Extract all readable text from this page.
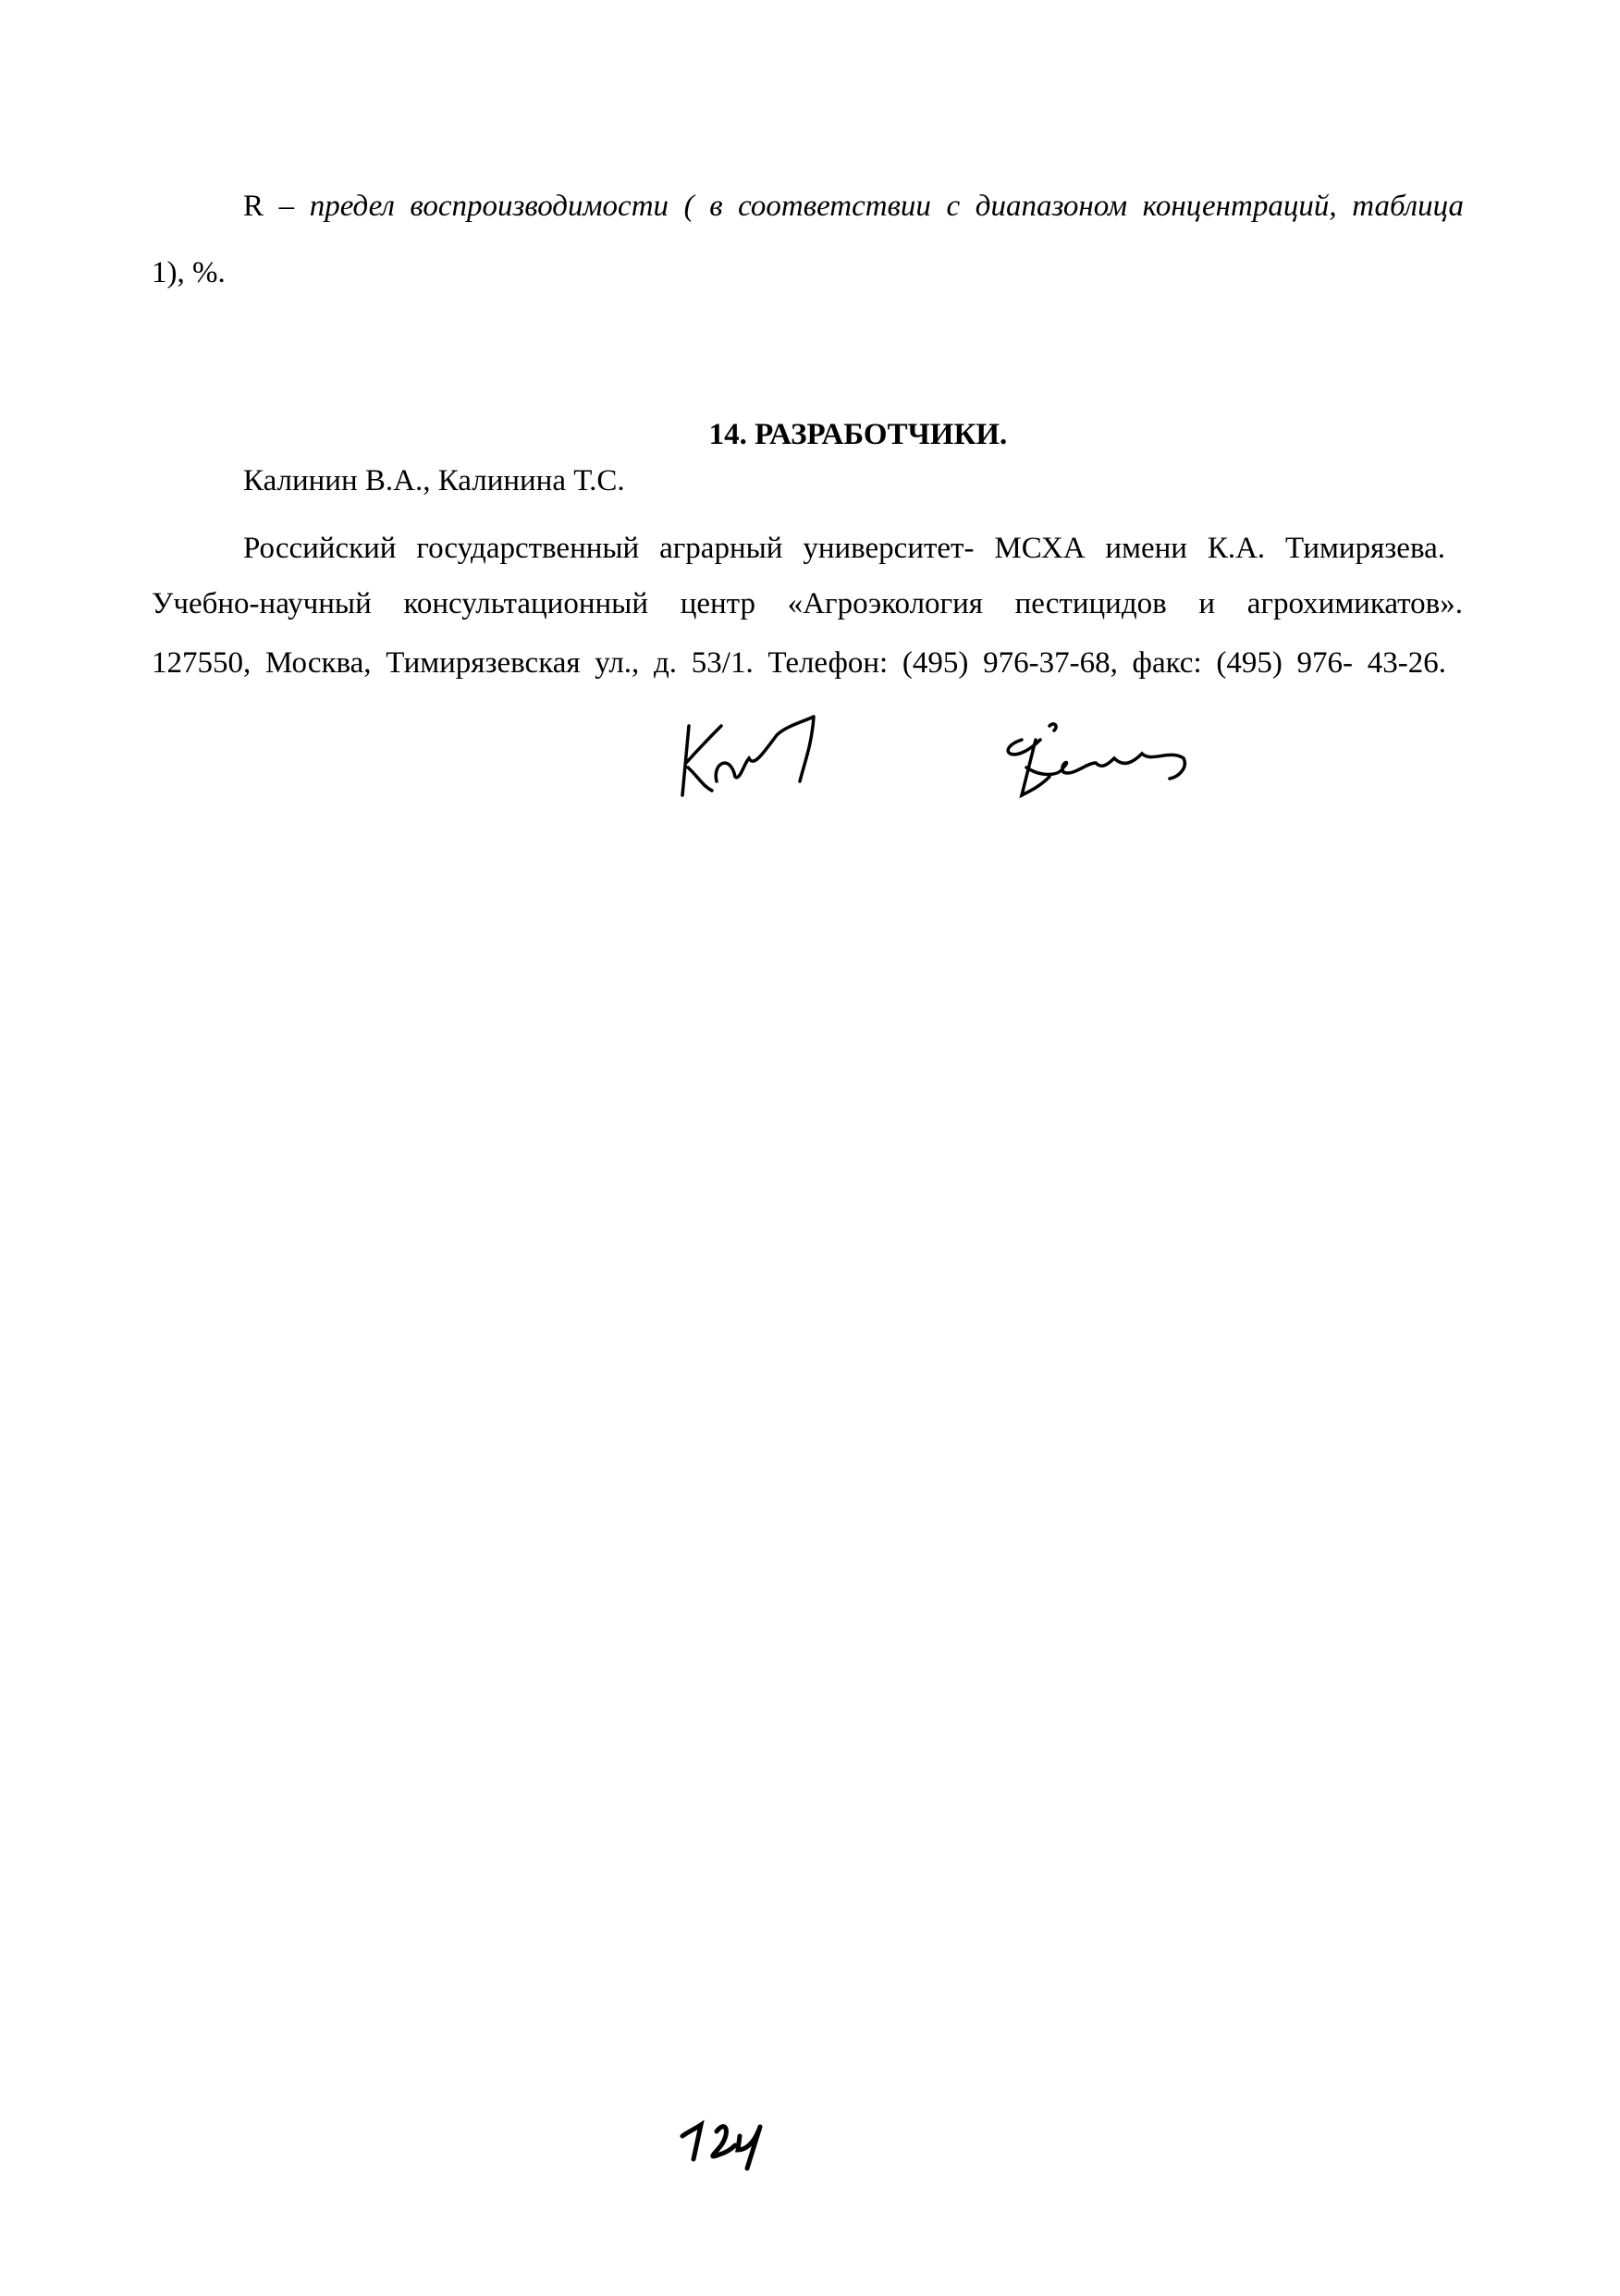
R – предел воспроизводимости ( в соответствии с диапазоном концентраций, таблица
1), %.
14. РАЗРАБОТЧИКИ.
Калинин В.А., Калинина Т.С.
Российский государственный аграрный университет- МСХА имени К.А. Тимирязева.
Учебно-научный консультационный центр «Агроэкология пестицидов и агрохимикатов».
127550, Москва, Тимирязевская ул., д. 53/1. Телефон: (495) 976-37-68, факс: (495) 976- 43-26.
